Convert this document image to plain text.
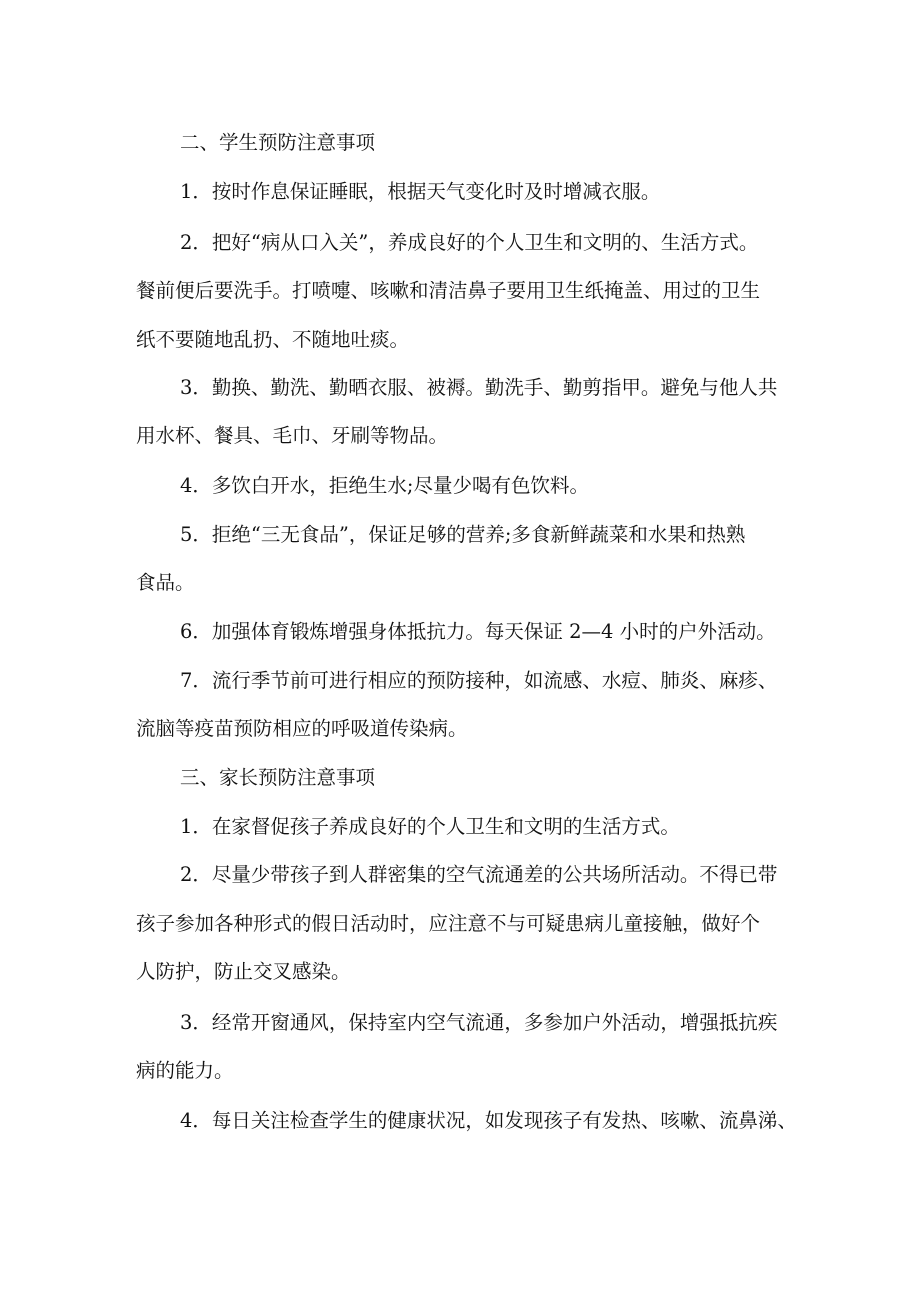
二、学生预防注意事项
1．按时作息保证睡眠，根据天气变化时及时增减衣服。
2．把好“病从口入关”，养成良好的个人卫生和文明的、生活方式。
餐前便后要洗手。打喷嚏、咳嗽和清洁鼻子要用卫生纸掩盖、用过的卫生
纸不要随地乱扔、不随地吐痰。
3．勤换、勤洗、勤晒衣服、被褥。勤洗手、勤剪指甲。避免与他人共
用水杯、餐具、毛巾、牙刷等物品。
4．多饮白开水，拒绝生水;尽量少喝有色饮料。
5．拒绝“三无食品”，保证足够的营养;多食新鲜蔬菜和水果和热熟
食品。
6．加强体育锻炼增强身体抵抗力。每天保证 2—4 小时的户外活动。
7．流行季节前可进行相应的预防接种，如流感、水痘、肺炎、麻疹、
流脑等疫苗预防相应的呼吸道传染病。
三、家长预防注意事项
1．在家督促孩子养成良好的个人卫生和文明的生活方式。
2．尽量少带孩子到人群密集的空气流通差的公共场所活动。不得已带
孩子参加各种形式的假日活动时，应注意不与可疑患病儿童接触，做好个
人防护，防止交叉感染。
3．经常开窗通风，保持室内空气流通，多参加户外活动，增强抵抗疾
病的能力。
4．每日关注检查学生的健康状况，如发现孩子有发热、咳嗽、流鼻涕、
